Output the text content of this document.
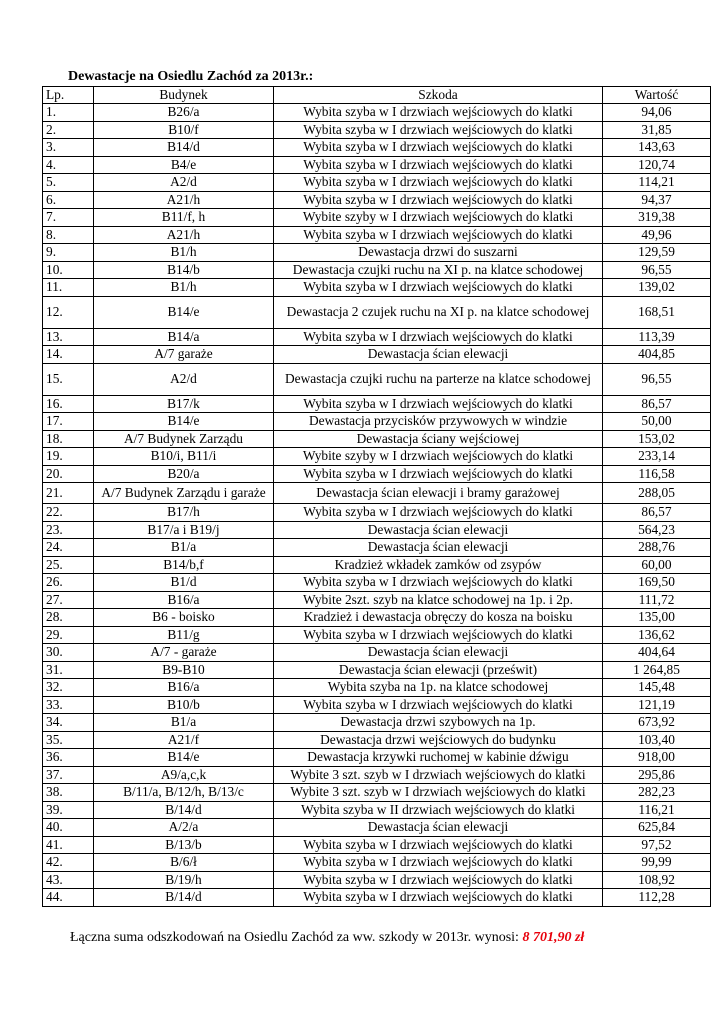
Dewastacje na Osiedlu Zachód za 2013r.:
Lp.	Budynek	Szkoda	Wartość
1.	B26/a	Wybita szyba w I drzwiach wejściowych do klatki	94,06
2.	B10/f	Wybita szyba w I drzwiach wejściowych do klatki	31,85
3.	B14/d	Wybita szyba w I drzwiach wejściowych do klatki	143,63
4.	B4/e	Wybita szyba w I drzwiach wejściowych do klatki	120,74
5.	A2/d	Wybita szyba w I drzwiach wejściowych do klatki	114,21
6.	A21/h	Wybita szyba w I drzwiach wejściowych do klatki	94,37
7.	B11/f, h	Wybite szyby w I drzwiach wejściowych do klatki	319,38
8.	A21/h	Wybita szyba w I drzwiach wejściowych do klatki	49,96
9.	B1/h	Dewastacja drzwi do suszarni	129,59
10.	B14/b	Dewastacja czujki ruchu na XI p. na klatce schodowej	96,55
11.	B1/h	Wybita szyba w I drzwiach wejściowych do klatki	139,02
12.	B14/e	Dewastacja 2 czujek ruchu na XI p. na klatce schodowej	168,51
13.	B14/a	Wybita szyba w I drzwiach wejściowych do klatki	113,39
14.	A/7 garaże	Dewastacja ścian elewacji	404,85
15.	A2/d	Dewastacja czujki ruchu na parterze na klatce schodowej	96,55
16.	B17/k	Wybita szyba w I drzwiach wejściowych do klatki	86,57
17.	B14/e	Dewastacja przycisków przywowych w windzie	50,00
18.	A/7 Budynek Zarządu	Dewastacja ściany wejściowej	153,02
19.	B10/i, B11/i	Wybite szyby w I drzwiach wejściowych do klatki	233,14
20.	B20/a	Wybita szyba w I drzwiach wejściowych do klatki	116,58
21.	A/7 Budynek Zarządu i garaże	Dewastacja ścian elewacji i bramy garażowej	288,05
22.	B17/h	Wybita szyba w I drzwiach wejściowych do klatki	86,57
23.	B17/a i B19/j	Dewastacja ścian elewacji	564,23
24.	B1/a	Dewastacja ścian elewacji	288,76
25.	B14/b,f	Kradzież wkładek zamków od zsypów	60,00
26.	B1/d	Wybita szyba w I drzwiach wejściowych do klatki	169,50
27.	B16/a	Wybite 2szt. szyb na klatce schodowej na 1p. i 2p.	111,72
28.	B6 - boisko	Kradzież i dewastacja obręczy do kosza na boisku	135,00
29.	B11/g	Wybita szyba w I drzwiach wejściowych do klatki	136,62
30.	A/7 - garaże	Dewastacja ścian elewacji	404,64
31.	B9-B10	Dewastacja ścian elewacji (prześwit)	1 264,85
32.	B16/a	Wybita szyba na 1p. na klatce schodowej	145,48
33.	B10/b	Wybita szyba w I drzwiach wejściowych do klatki	121,19
34.	B1/a	Dewastacja drzwi szybowych na 1p.	673,92
35.	A21/f	Dewastacja drzwi wejściowych do budynku	103,40
36.	B14/e	Dewastacja krzywki ruchomej w kabinie dźwigu	918,00
37.	A9/a,c,k	Wybite 3 szt. szyb w I drzwiach wejściowych do klatki	295,86
38.	B/11/a, B/12/h, B/13/c	Wybite 3 szt. szyb w I drzwiach wejściowych do klatki	282,23
39.	B/14/d	Wybita szyba w II drzwiach wejściowych do klatki	116,21
40.	A/2/a	Dewastacja ścian elewacji	625,84
41.	B/13/b	Wybita szyba w I drzwiach wejściowych do klatki	97,52
42.	B/6/ł	Wybita szyba w I drzwiach wejściowych do klatki	99,99
43.	B/19/h	Wybita szyba w I drzwiach wejściowych do klatki	108,92
44.	B/14/d	Wybita szyba w I drzwiach wejściowych do klatki	112,28
Łączna suma odszkodowań na Osiedlu Zachód za ww. szkody w 2013r. wynosi: 8 701,90 zł
